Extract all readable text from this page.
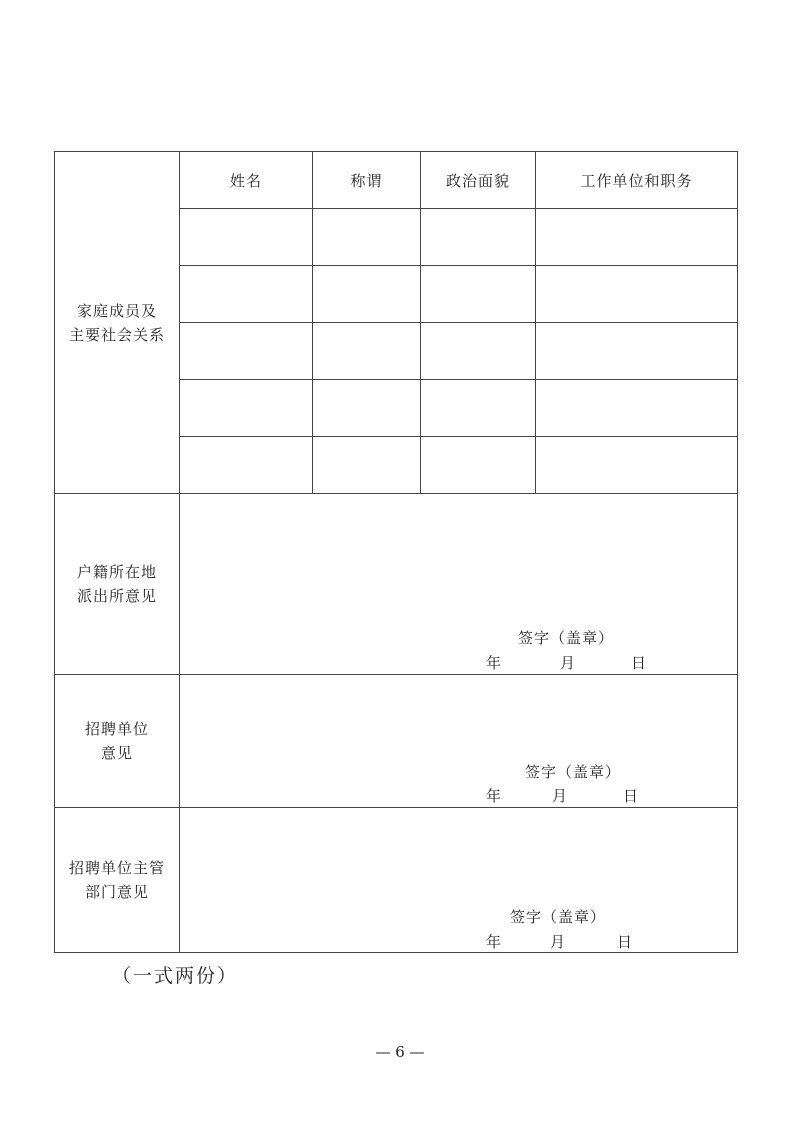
家庭成员及
主要社会关系	姓名	称谓	政治面貌	工作单位和职务

户籍所在地
派出所意见	签字（盖章）
年 月 日			

招聘单位
意见	签字（盖章）
年 月 日			

招聘单位主管
部门意见	签字（盖章）
年 月 日			
（一式两份）
— 6 —
